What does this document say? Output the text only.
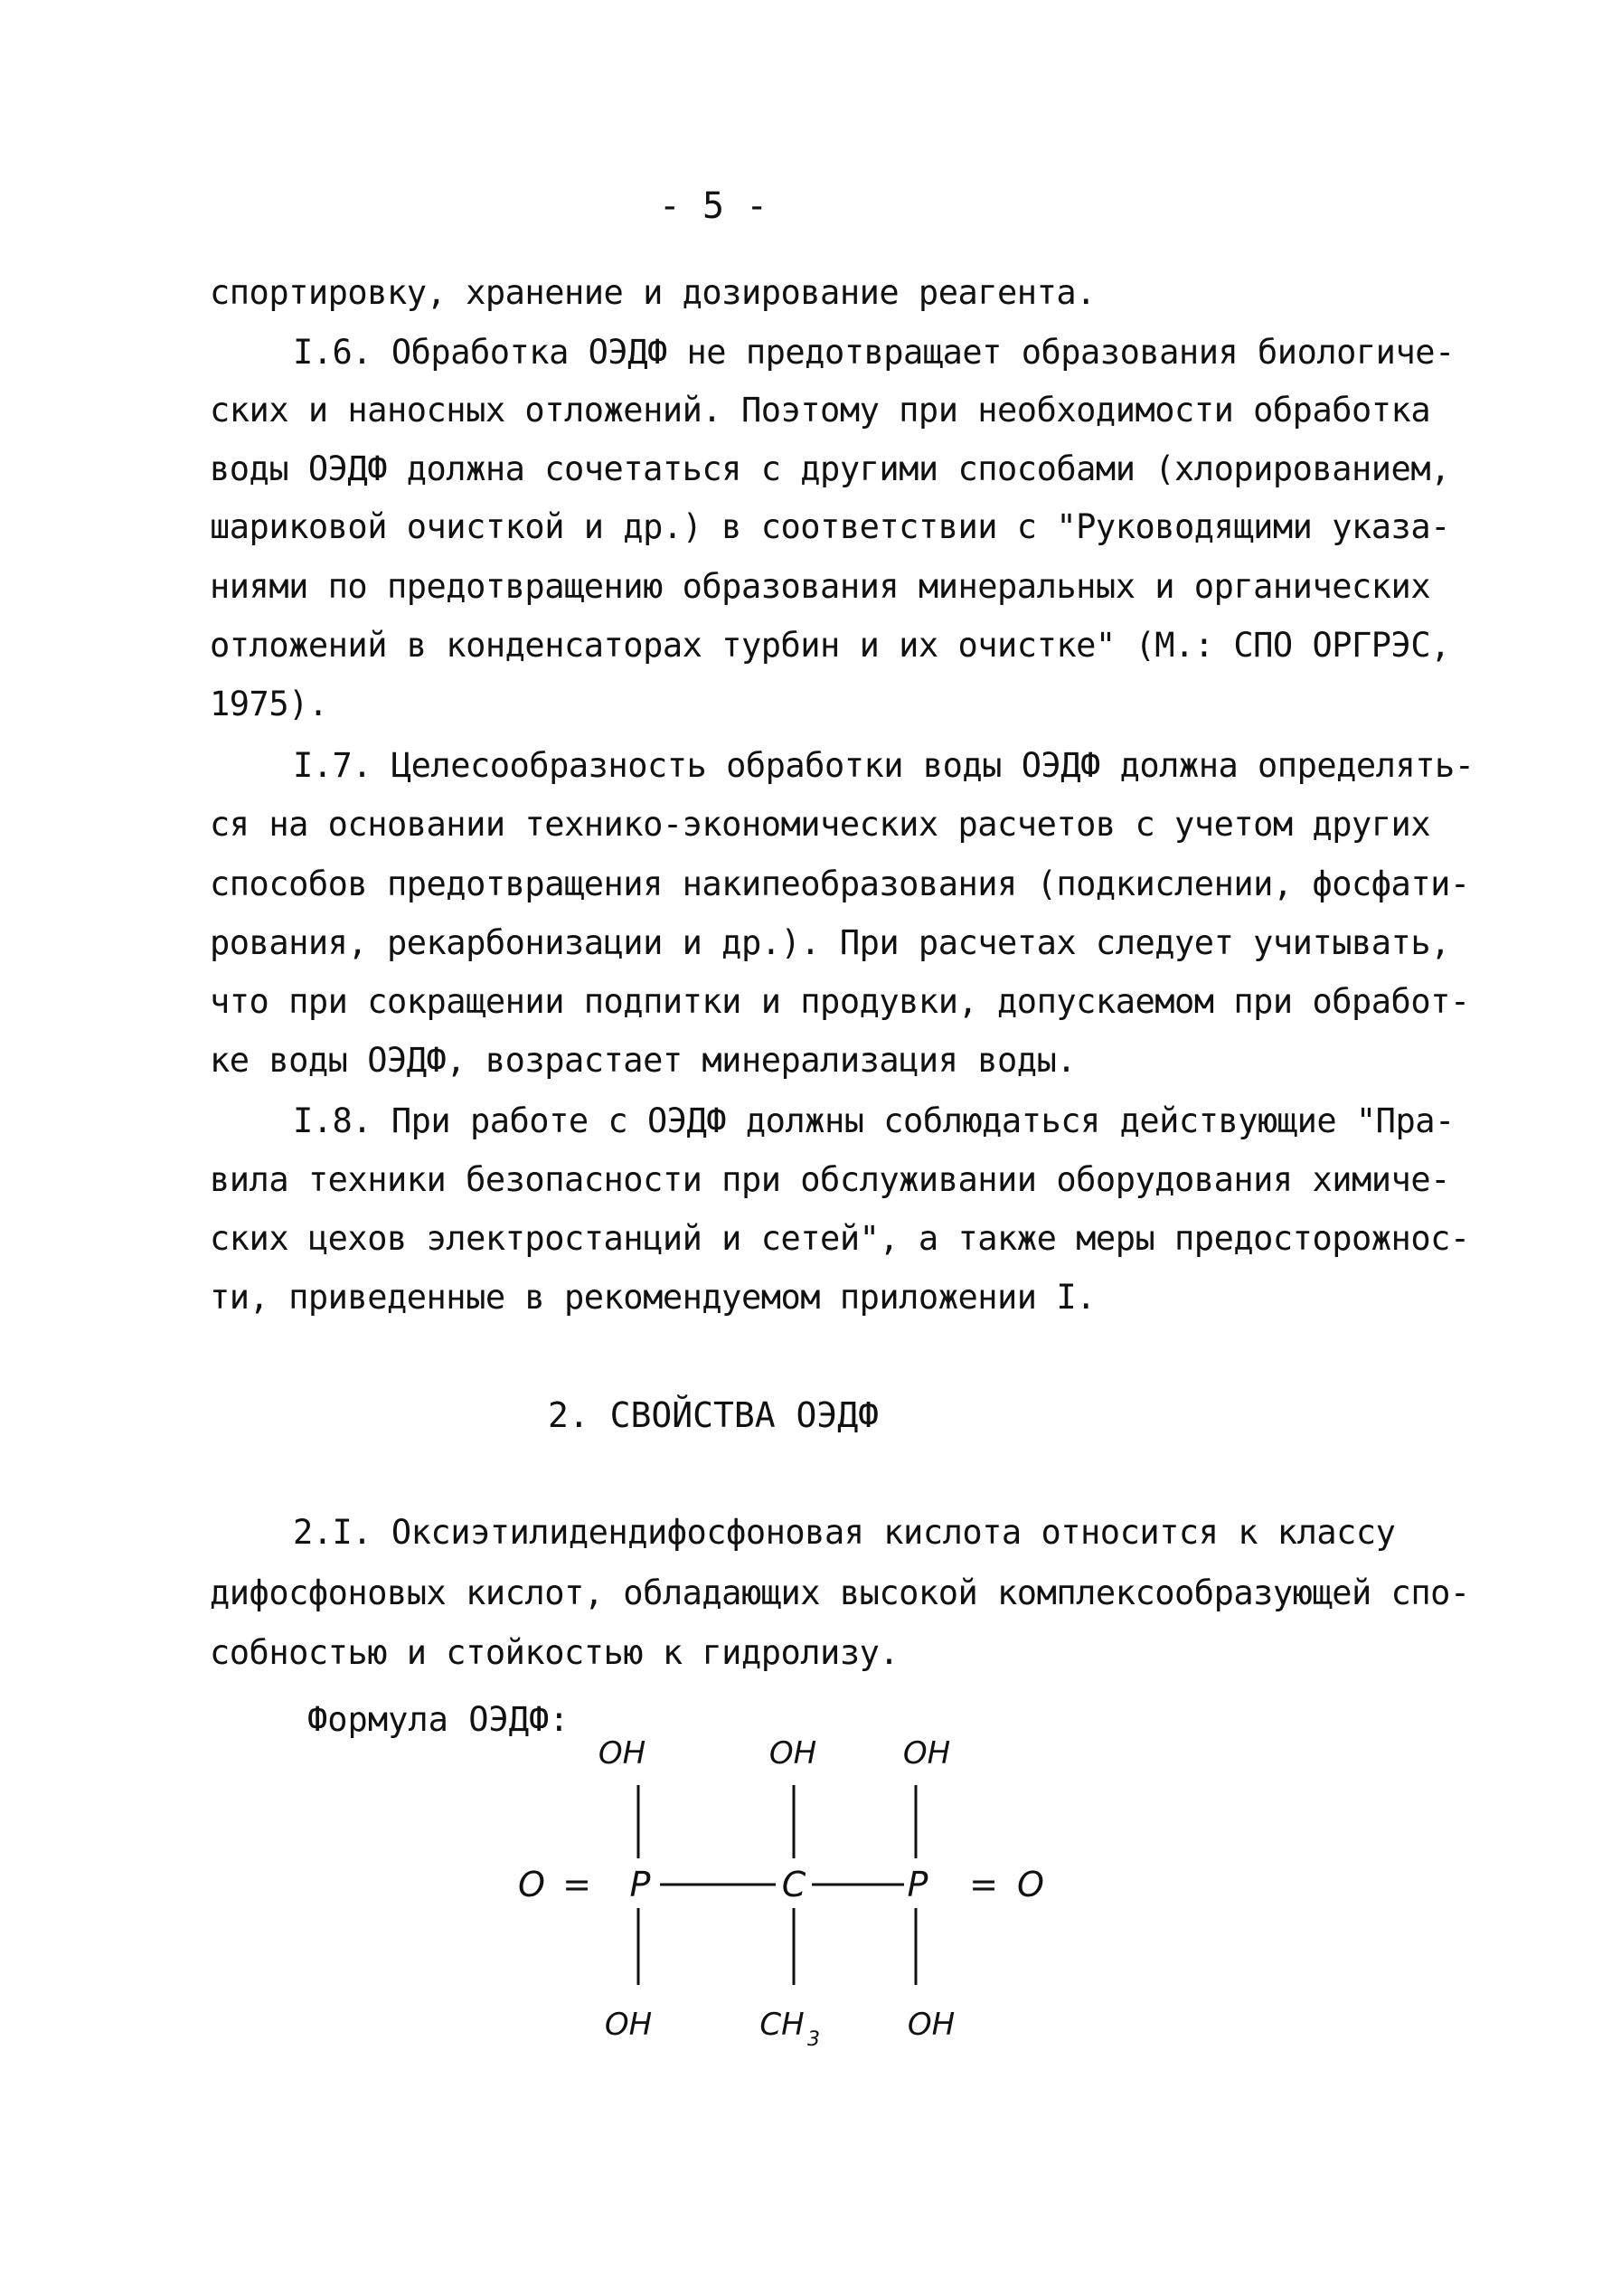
- 5 -
спортировку, хранение и дозирование реагента.
I.6. Обработка ОЭДФ не предотвращает образования биологиче-
ских и наносных отложений. Поэтому при необходимости обработка
воды ОЭДФ должна сочетаться с другими способами (хлорированием,
шариковой очисткой и др.) в соответствии с "Руководящими указа-
ниями по предотвращению образования минеральных и органических
отложений в конденсаторах турбин и их очистке" (М.: СПО ОРГРЭС,
1975).
I.7. Целесообразность обработки воды ОЭДФ должна определять-
ся на основании технико-экономических расчетов с учетом других
способов предотвращения накипеобразования (подкислении, фосфати-
рования, рекарбонизации и др.). При расчетах следует учитывать,
что при сокращении подпитки и продувки, допускаемом при обработ-
ке воды ОЭДФ, возрастает минерализация воды.
I.8. При работе с ОЭДФ должны соблюдаться действующие "Пра-
вила техники безопасности при обслуживании оборудования химиче-
ских цехов электростанций и сетей", а также меры предосторожнос-
ти, приведенные в рекомендуемом приложении I.
2. СВОЙСТВА ОЭДФ
2.I. Оксиэтилидендифосфоновая кислота относится к классу
дифосфоновых кислот, обладающих высокой комплексообразующей спо-
собностью и стойкостью к гидролизу.
Формула ОЭДФ:
OH	OH	OH
O = P	C	P = O
OH	CH 3	OH
